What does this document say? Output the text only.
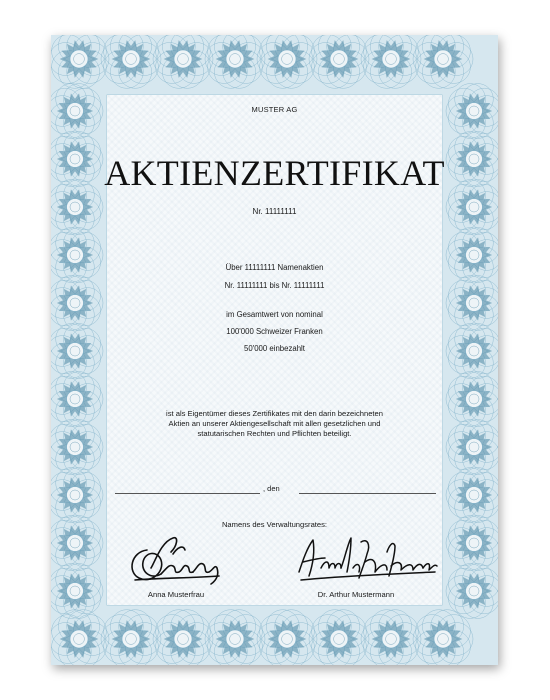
MUSTER AG
AKTIENZERTIFIKAT
Nr. 11111111
Über 11111111 Namenaktien
Nr. 11111111 bis Nr. 11111111
im Gesamtwert von nominal
100'000 Schweizer Franken
50'000 einbezahlt
ist als Eigentümer dieses Zertifikates mit den darin bezeichneten
Aktien an unserer Aktiengesellschaft mit allen gesetzlichen und
statutarischen Rechten und Pflichten beteiligt.
, den
Namens des Verwaltungsrates:
Anna Musterfrau	Dr. Arthur Mustermann
